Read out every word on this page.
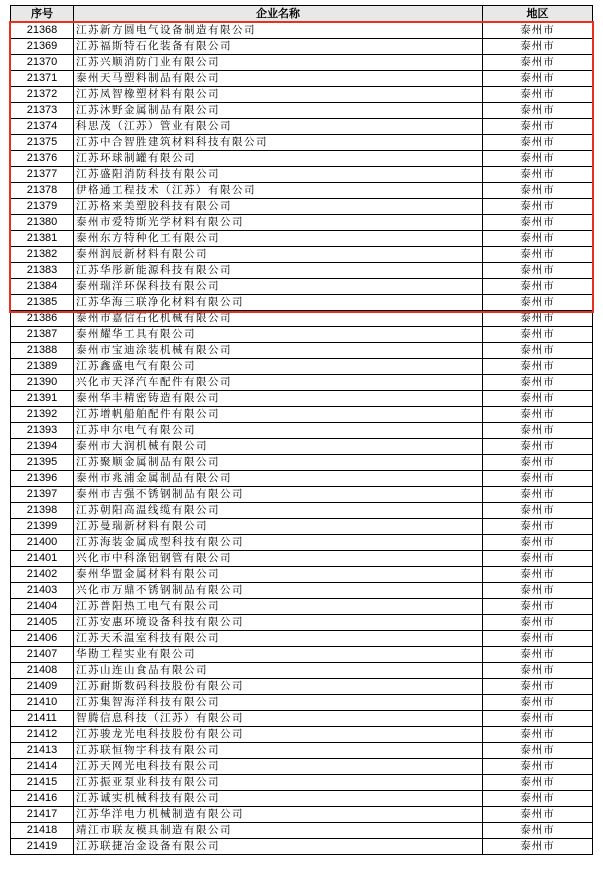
序号	企业名称	地区
21368	江苏新方圆电气设备制造有限公司	泰州市
21369	江苏福斯特石化装备有限公司	泰州市
21370	江苏兴顺消防门业有限公司	泰州市
21371	泰州天马塑料制品有限公司	泰州市
21372	江苏凤智橡塑材料有限公司	泰州市
21373	江苏沐野金属制品有限公司	泰州市
21374	科思茂（江苏）管业有限公司	泰州市
21375	江苏中合智胜建筑材料科技有限公司	泰州市
21376	江苏环球制罐有限公司	泰州市
21377	江苏盛阳消防科技有限公司	泰州市
21378	伊格通工程技术（江苏）有限公司	泰州市
21379	江苏格来美塑胶科技有限公司	泰州市
21380	泰州市爱特斯光学材料有限公司	泰州市
21381	泰州东方特种化工有限公司	泰州市
21382	泰州润辰新材料有限公司	泰州市
21383	江苏华彤新能源科技有限公司	泰州市
21384	泰州瑞洋环保科技有限公司	泰州市
21385	江苏华海三联净化材料有限公司	泰州市
21386	泰州市嘉信石化机械有限公司	泰州市
21387	泰州耀华工具有限公司	泰州市
21388	泰州市宝迪涂装机械有限公司	泰州市
21389	江苏鑫盛电气有限公司	泰州市
21390	兴化市天泽汽车配件有限公司	泰州市
21391	泰州华丰精密铸造有限公司	泰州市
21392	江苏增帆船舶配件有限公司	泰州市
21393	江苏申尔电气有限公司	泰州市
21394	泰州市大润机械有限公司	泰州市
21395	江苏聚顺金属制品有限公司	泰州市
21396	泰州市兆浦金属制品有限公司	泰州市
21397	泰州市吉强不锈钢制品有限公司	泰州市
21398	江苏朝阳高温线缆有限公司	泰州市
21399	江苏曼瑞新材料有限公司	泰州市
21400	江苏海装金属成型科技有限公司	泰州市
21401	兴化市中科涤铝钢管有限公司	泰州市
21402	泰州华盟金属材料有限公司	泰州市
21403	兴化市万鼎不锈钢制品有限公司	泰州市
21404	江苏普阳热工电气有限公司	泰州市
21405	江苏安惠环境设备科技有限公司	泰州市
21406	江苏天禾温室科技有限公司	泰州市
21407	华勘工程实业有限公司	泰州市
21408	江苏山连山食品有限公司	泰州市
21409	江苏耐斯数码科技股份有限公司	泰州市
21410	江苏集智海洋科技有限公司	泰州市
21411	智腾信息科技（江苏）有限公司	泰州市
21412	江苏骏龙光电科技股份有限公司	泰州市
21413	江苏联恒物宇科技有限公司	泰州市
21414	江苏天网光电科技有限公司	泰州市
21415	江苏振亚泵业科技有限公司	泰州市
21416	江苏诚实机械科技有限公司	泰州市
21417	江苏华洋电力机械制造有限公司	泰州市
21418	靖江市联友模具制造有限公司	泰州市
21419	江苏联捷冶金设备有限公司	泰州市
